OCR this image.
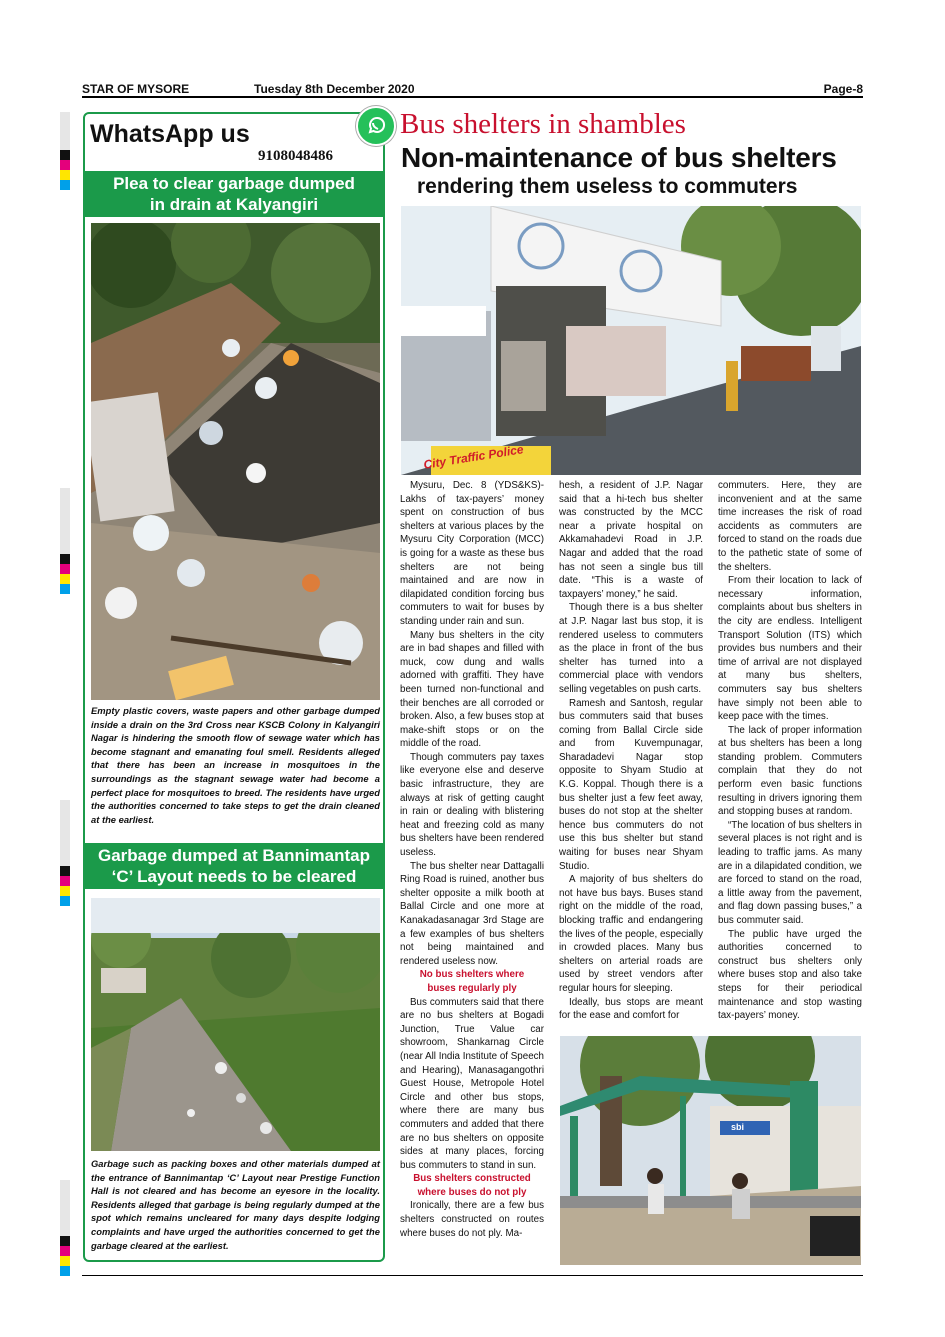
STAR OF MYSORE	Tuesday 8th December 2020	Page-8
WhatsApp us
9108048486
Plea to clear garbage dumped
in drain at Kalyangiri
Empty plastic covers, waste papers and other garbage dumped inside a drain on the 3rd Cross near KSCB Colony in Kalyangiri Nagar is hindering the smooth flow of sewage water which has become stagnant and emanating foul smell. Residents alleged that there has been an increase in mosquitoes in the surroundings as the stagnant sewage water had become a perfect place for mosquitoes to breed. The residents have urged the authorities concerned to take steps to get the drain cleaned at the earliest.
Garbage dumped at Bannimantap
‘C’ Layout needs to be cleared
Garbage such as packing boxes and other materials dumped at the entrance of Bannimantap ‘C’ Layout near Prestige Function Hall is not cleared and has become an eyesore in the locality. Residents alleged that garbage is being regularly dumped at the spot which remains uncleared for many days despite lodging complaints and have urged the authorities concerned to get the garbage cleared at the earliest.
Bus shelters in shambles
Non-maintenance of bus shelters
rendering them useless to commuters
City Traffic Police

Mysuru, Dec. 8 (YDS&KS)- Lakhs of tax-payers’ money spent on construction of bus shelters at various places by the Mysuru City Corporation (MCC) is going for a waste as these bus shelters are not being maintained and are now in dilapidated condition forcing bus commuters to wait for buses by standing under rain and sun.

Many bus shelters in the city are in bad shapes and filled with muck, cow dung and walls adorned with graffiti. They have been turned non-functional and their benches are all corroded or broken. Also, a few buses stop at make-shift stops or on the middle of the road.

Though commuters pay taxes like everyone else and deserve basic infrastructure, they are always at risk of getting caught in rain or dealing with blistering heat and freezing cold as many bus shelters have been rendered useless.

The bus shelter near Dattagalli Ring Road is ruined, another bus shelter opposite a milk booth at Ballal Circle and one more at Kanakadasanagar 3rd Stage are a few examples of bus shelters not being maintained and rendered useless now.

No bus shelters where
buses regularly ply

Bus commuters said that there are no bus shelters at Bogadi Junction, True Value car showroom, Shankarnag Circle (near All India Institute of Speech and Hearing), Manasagangothri Guest House, Metropole Hotel Circle and other bus stops, where there are many bus commuters and added that there are no bus shelters on opposite sides at many places, forcing bus commuters to stand in sun.

Bus shelters constructed
where buses do not ply

Ironically, there are a few bus shelters constructed on routes where buses do not ply. Ma-

hesh, a resident of J.P. Nagar said that a hi-tech bus shelter was constructed by the MCC near a private hospital on Akkamahadevi Road in J.P. Nagar and added that the road has not seen a single bus till date. “This is a waste of taxpayers’ money,” he said.

Though there is a bus shelter at J.P. Nagar last bus stop, it is rendered useless to commuters as the place in front of the bus shelter has turned into a commercial place with vendors selling vegetables on push carts.

Ramesh and Santosh, regular bus commuters said that buses coming from Ballal Circle side and from Kuvempunagar, Sharadadevi Nagar stop opposite to Shyam Studio at K.G. Koppal. Though there is a bus shelter just a few feet away, buses do not stop at the shelter hence bus commuters do not use this bus shelter but stand waiting for buses near Shyam Studio.

A majority of bus shelters do not have bus bays. Buses stand right on the middle of the road, blocking traffic and endangering the lives of the people, especially in crowded places. Many bus shelters on arterial roads are used by street vendors after regular hours for sleeping.

Ideally, bus stops are meant for the ease and comfort for

commuters. Here, they are inconvenient and at the same time increases the risk of road accidents as commuters are forced to stand on the roads due to the pathetic state of some of the shelters.

From their location to lack of necessary information, complaints about bus shelters in the city are endless. Intelligent Transport Solution (ITS) which provides bus numbers and their time of arrival are not displayed at many bus shelters, commuters say bus shelters have simply not been able to keep pace with the times.

The lack of proper information at bus shelters has been a long standing problem. Commuters complain that they do not perform even basic functions resulting in drivers ignoring them and stopping buses at random.

“The location of bus shelters in several places is not right and is leading to traffic jams. As many are in a dilapidated condition, we are forced to stand on the road, a little away from the pavement, and flag down passing buses,” a bus commuter said.

The public have urged the authorities concerned to construct bus shelters only where buses stop and also take steps for their periodical maintenance and stop wasting tax-payers’ money.

sbi
